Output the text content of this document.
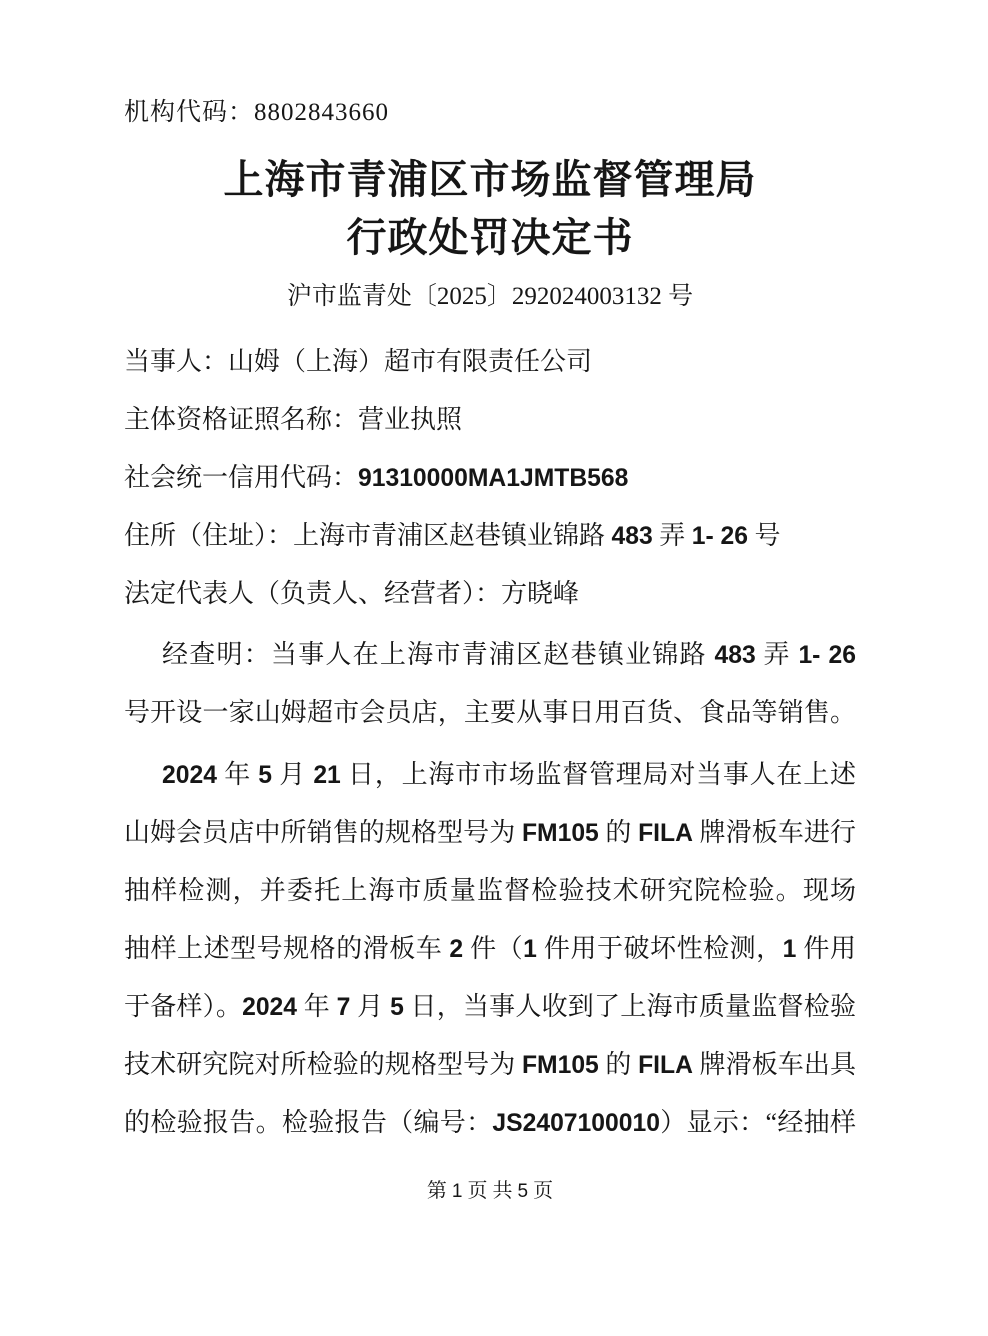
机构代码：8802843660
上海市青浦区市场监督管理局
行政处罚决定书
沪市监青处〔2025〕292024003132 号
当事人：山姆（上海）超市有限责任公司
主体资格证照名称：营业执照
社会统一信用代码：91310000MA1JMTB568
住所（住址）：上海市青浦区赵巷镇业锦路 483 弄 1- 26 号
法定代表人（负责人、经营者）：方晓峰
经查明：当事人在上海市青浦区赵巷镇业锦路 483 弄 1- 26
号开设一家山姆超市会员店，主要从事日用百货、食品等销售。
2024 年 5 月 21 日，上海市市场监督管理局对当事人在上述
山姆会员店中所销售的规格型号为 FM105 的 FILA 牌滑板车进行
抽样检测，并委托上海市质量监督检验技术研究院检验。现场
抽样上述型号规格的滑板车 2 件（1 件用于破坏性检测，1 件用
于备样）。2024 年 7 月 5 日，当事人收到了上海市质量监督检验
技术研究院对所检验的规格型号为 FM105 的 FILA 牌滑板车出具
的检验报告。检验报告（编号：JS2407100010）显示：“经抽样
第 1 页 共 5 页
